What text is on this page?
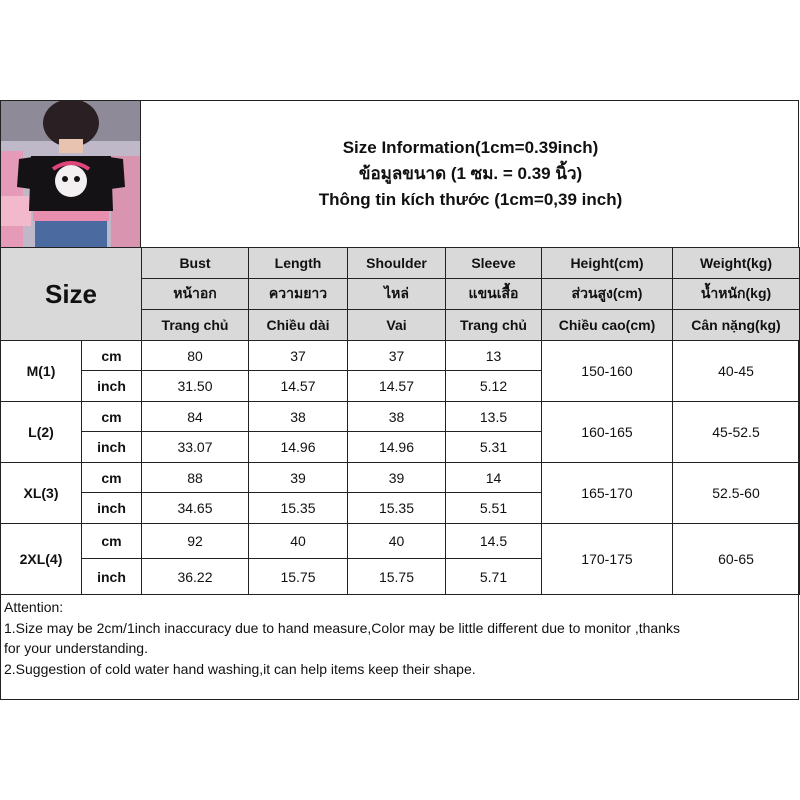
Size Information(1cm=0.39inch)
ข้อมูลขนาด (1 ซม. = 0.39 นิ้ว)
Thông tin kích thước (1cm=0,39 inch)
Size		Bust	Length	Shoulder	Sleeve	Height(cm)	Weight(kg)
		หน้าอก	ความยาว	ไหล่	แขนเสื้อ	ส่วนสูง(cm)	น้ำหนัก(kg)
		Trang chủ	Chiều dài	Vai	Trang chủ	Chiều cao(cm)	Cân nặng(kg)
M(1)	cm	80	37	37	13	150-160	40-45
	inch	31.50	14.57	14.57	5.12		
L(2)	cm	84	38	38	13.5	160-165	45-52.5
	inch	33.07	14.96	14.96	5.31		
XL(3)	cm	88	39	39	14	165-170	52.5-60
	inch	34.65	15.35	15.35	5.51		
2XL(4)	cm	92	40	40	14.5	170-175	60-65
	inch	36.22	15.75	15.75	5.71		
Attention:
1.Size may be 2cm/1inch inaccuracy due to hand measure,Color may be little different due to monitor ,thanks
for your understanding.
2.Suggestion of cold water hand washing,it can help items keep their shape.
